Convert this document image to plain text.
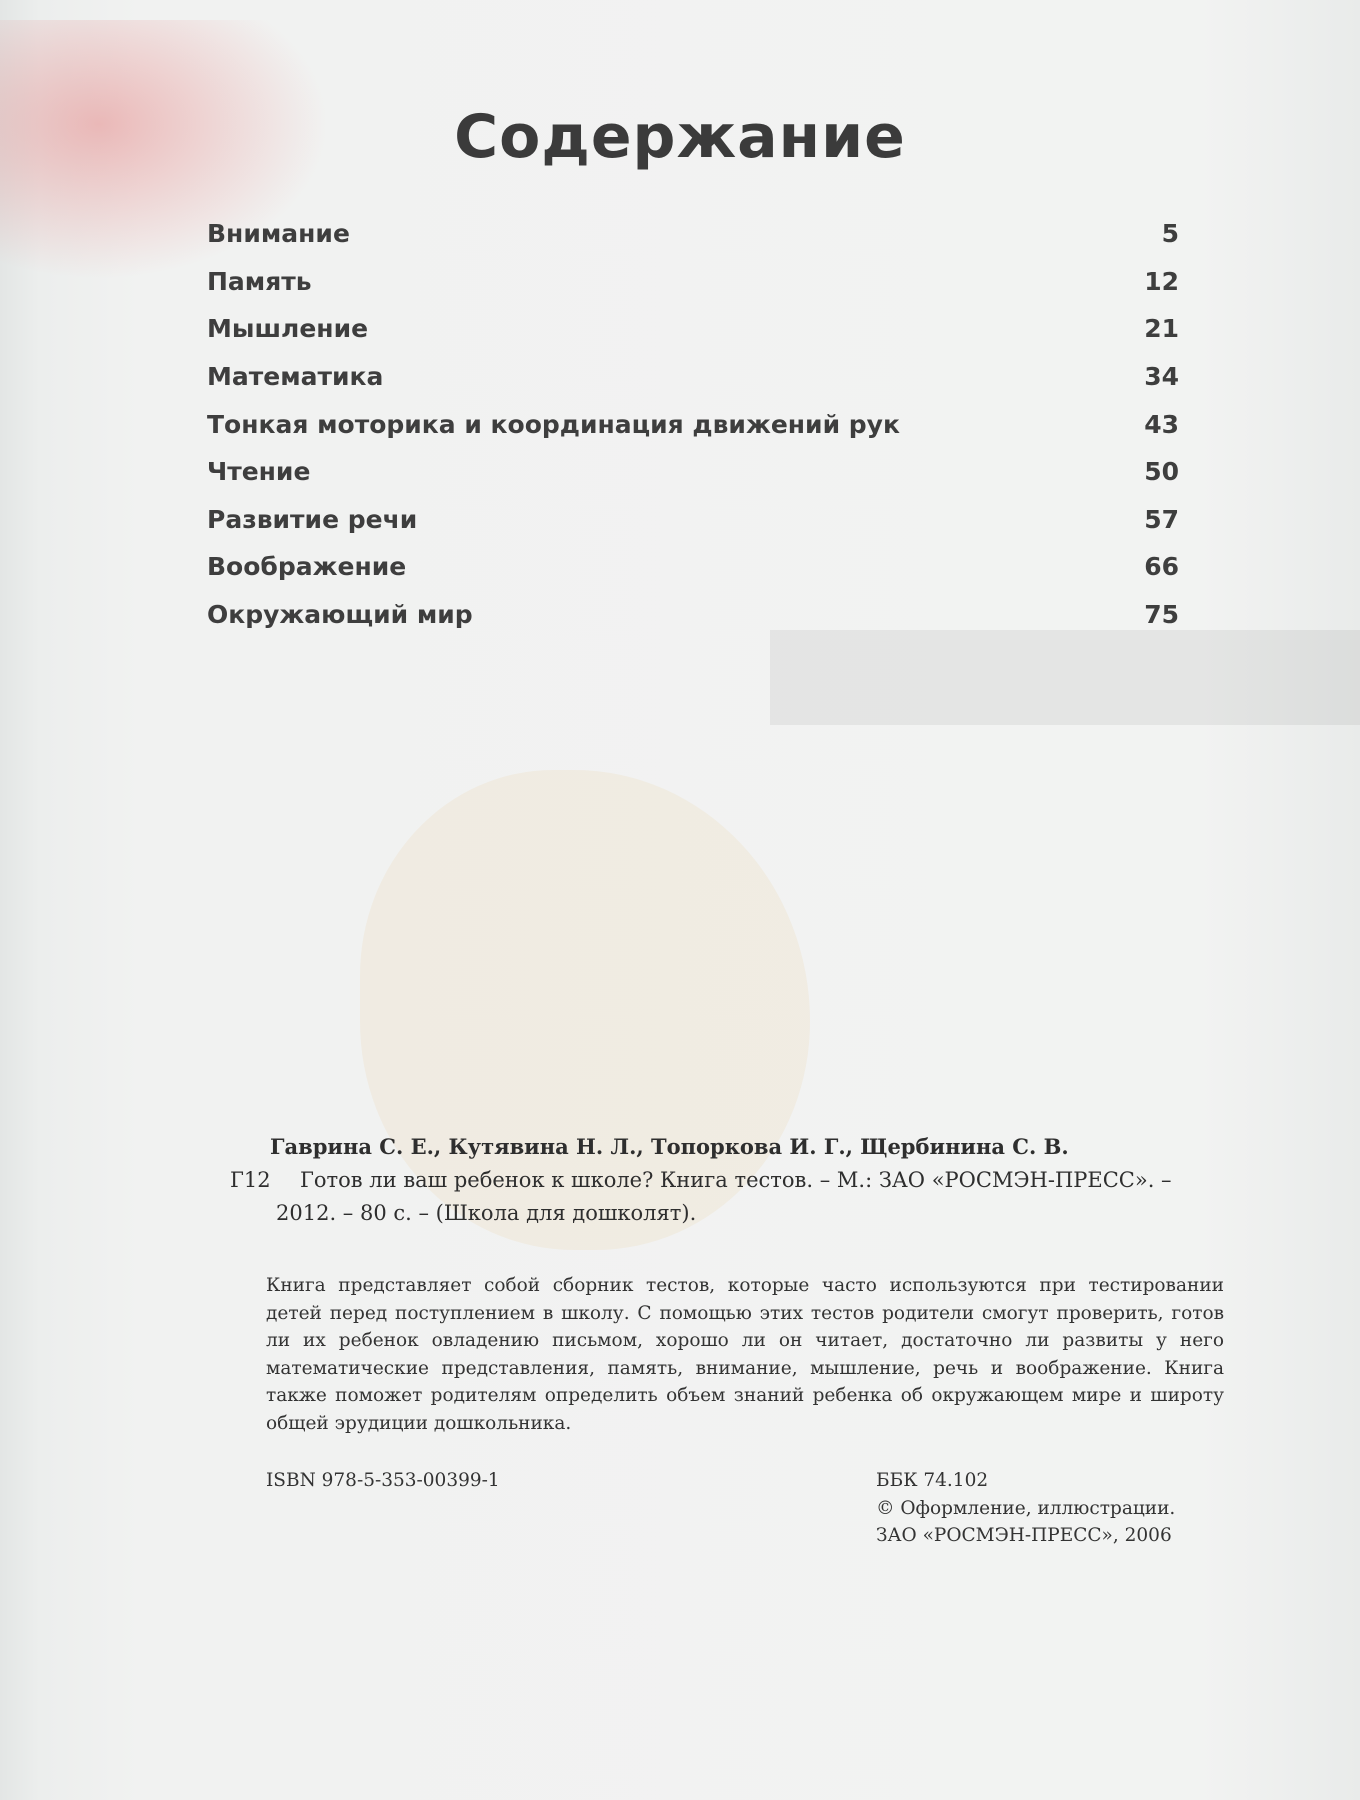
Содержание
Внимание	5
Память	12
Мышление	21
Математика	34
Тонкая моторика и координация движений рук	43
Чтение	50
Развитие речи	57
Воображение	66
Окружающий мир	75
Гаврина С. Е., Кутявина Н. Л., Топоркова И. Г., Щербинина С. В.
Г12 Готов ли ваш ребенок к школе? Книга тестов. – М.: ЗАО «РОСМЭН-ПРЕСС». –
2012. – 80 с. – (Школа для дошколят).

Книга представляет собой сборник тестов, которые часто используются при тестировании детей перед поступлением в школу. С помощью этих тестов родители смогут проверить, готов ли их ребенок овладению письмом, хорошо ли он читает, достаточно ли развиты у него математические представления, память, внимание, мышление, речь и воображение. Книга также поможет родителям определить объем знаний ребенка об окружающем мире и широту общей эрудиции дошкольника.

ISBN 978-5-353-00399-1	ББК 74.102
© Оформление, иллюстрации.
ЗАО «РОСМЭН-ПРЕСС», 2006
